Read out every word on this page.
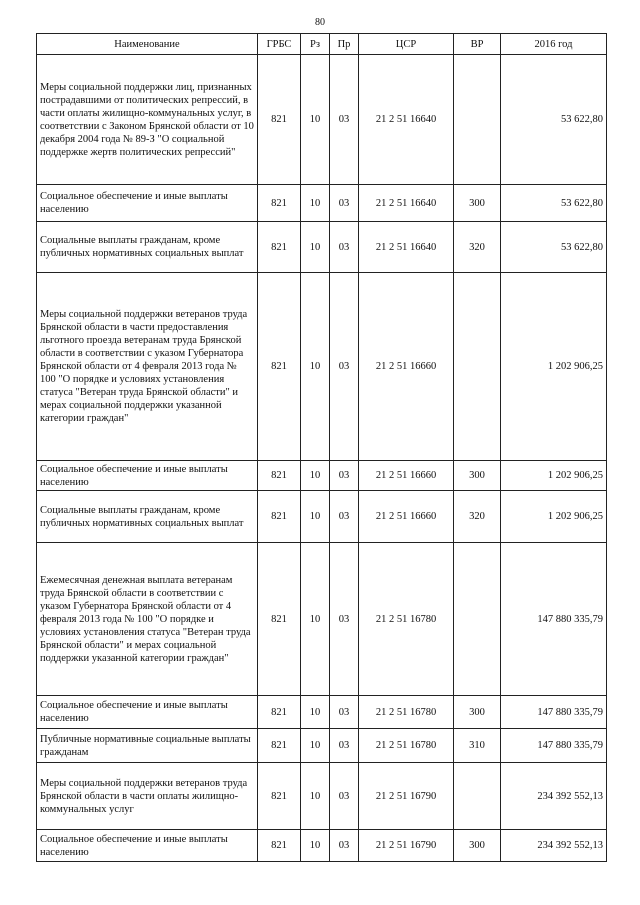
80
Наименование	ГРБС	Рз	Пр	ЦСР	ВР	2016 год
Меры социальной поддержки лиц, признанных пострадавшими от политических репрессий, в части оплаты жилищно-коммунальных услуг, в соответствии с Законом Брянской области от 10 декабря 2004 года № 89-З "О социальной поддержке жертв политических репрессий"	821	10	03	21 2 51 16640		53 622,80
Социальное обеспечение и иные выплаты населению	821	10	03	21 2 51 16640	300	53 622,80
Социальные выплаты гражданам, кроме публичных нормативных социальных выплат	821	10	03	21 2 51 16640	320	53 622,80
Меры социальной поддержки ветеранов труда Брянской области в части предоставления льготного проезда ветеранам труда Брянской области в соответствии с указом Губернатора Брянской области от 4 февраля 2013 года № 100 "О порядке и условиях установления статуса "Ветеран труда Брянской области" и мерах социальной поддержки указанной категории граждан"	821	10	03	21 2 51 16660		1 202 906,25
Социальное обеспечение и иные выплаты населению	821	10	03	21 2 51 16660	300	1 202 906,25
Социальные выплаты гражданам, кроме публичных нормативных социальных выплат	821	10	03	21 2 51 16660	320	1 202 906,25
Ежемесячная денежная выплата ветеранам труда Брянской области в соответствии с указом Губернатора Брянской области от 4 февраля 2013 года № 100 "О порядке и условиях установления статуса "Ветеран труда Брянской области" и мерах социальной поддержки указанной категории граждан"	821	10	03	21 2 51 16780		147 880 335,79
Социальное обеспечение и иные выплаты населению	821	10	03	21 2 51 16780	300	147 880 335,79
Публичные нормативные социальные выплаты гражданам	821	10	03	21 2 51 16780	310	147 880 335,79
Меры социальной поддержки ветеранов труда Брянской области в части оплаты жилищно-коммунальных услуг	821	10	03	21 2 51 16790		234 392 552,13
Социальное обеспечение и иные выплаты населению	821	10	03	21 2 51 16790	300	234 392 552,13
